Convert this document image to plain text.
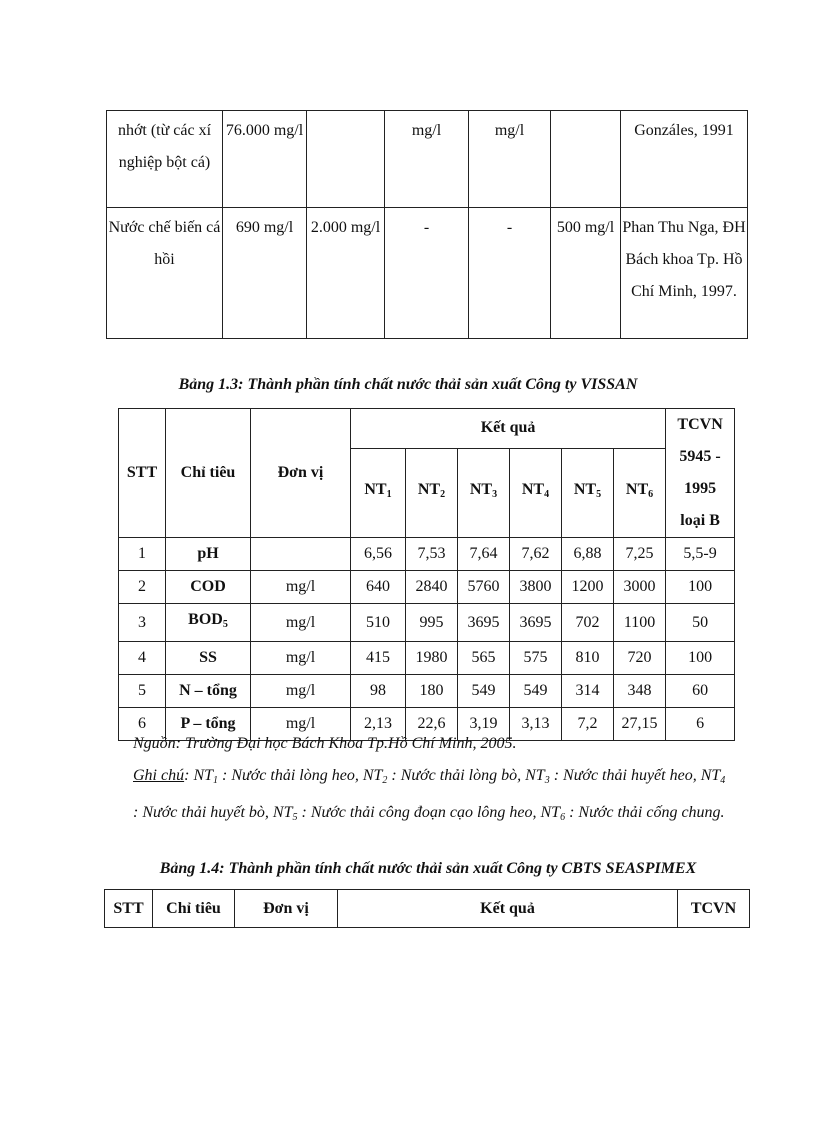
nhớt (từ các xí nghiệp bột cá)	76.000 mg/l		mg/l	mg/l		Gonzáles, 1991
Nước chế biến cá hồi	690 mg/l	2.000 mg/l	-	-	500 mg/l	Phan Thu Nga, ĐH Bách khoa Tp. Hồ Chí Minh, 1997.
Bảng 1.3: Thành phần tính chất nước thải sản xuất Công ty VISSAN
STT	Chỉ tiêu	Đơn vị	Kết quả						TCVN 5945 - 1995 loại B
			$NT_1$	$NT_2$	$NT_3$	$NT_4$	$NT_5$	$NT_6$
1	pH		6,56	7,53	7,64	7,62	6,88	7,25	5,5-9
2	COD	mg/l	640	2840	5760	3800	1200	3000	100
3	$BOD_5$	mg/l	510	995	3695	3695	702	1100	50
4	SS	mg/l	415	1980	565	575	810	720	100
5	N – tổng	mg/l	98	180	549	549	314	348	60
6	P – tổng	mg/l	2,13	22,6	3,19	3,13	7,2	27,15	6
Nguồn: Trường Đại học Bách Khoa Tp.Hồ Chí Minh, 2005.
Ghi chú: $NT_1$ : Nước thải lòng heo, $NT_2$ : Nước thải lòng bò, $NT_3$ : Nước thải huyết heo, $NT_4$ : Nước thải huyết bò, $NT_5$ : Nước thải công đoạn cạo lông heo, $NT_6$ : Nước thải cống chung.
Bảng 1.4: Thành phần tính chất nước thải sản xuất Công ty CBTS SEASPIMEX
STT	Chỉ tiêu	Đơn vị	Kết quả	TCVN
